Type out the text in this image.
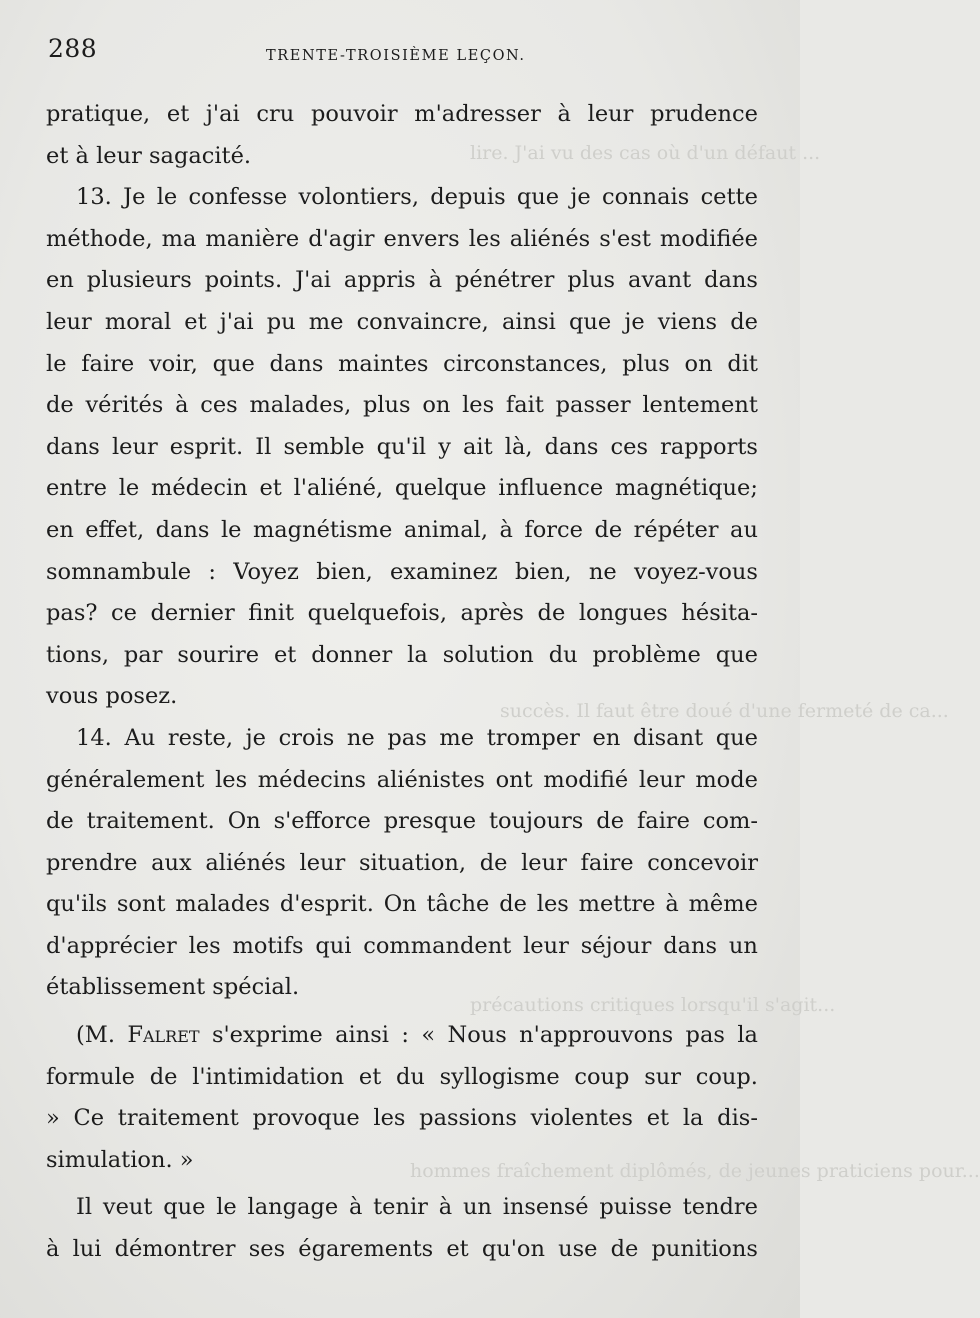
lire. J'ai vu des cas où d'un défaut ...
succès. Il faut être doué d'une fermeté de ca...
précautions critiques lorsqu'il s'agit...
hommes fraîchement diplômés, de jeunes praticiens pour...
288	TRENTE-TROISIÈME LEÇON.
pratique, et j'ai cru pouvoir m'adresser à leur prudence
et à leur sagacité.
13. Je le confesse volontiers, depuis que je connais cette
méthode, ma manière d'agir envers les aliénés s'est modifiée
en plusieurs points. J'ai appris à pénétrer plus avant dans
leur moral et j'ai pu me convaincre, ainsi que je viens de
le faire voir, que dans maintes circonstances, plus on dit
de vérités à ces malades, plus on les fait passer lentement
dans leur esprit. Il semble qu'il y ait là, dans ces rapports
entre le médecin et l'aliéné, quelque influence magnétique;
en effet, dans le magnétisme animal, à force de répéter au
somnambule : Voyez bien, examinez bien, ne voyez-vous
pas? ce dernier finit quelquefois, après de longues hésita-
tions, par sourire et donner la solution du problème que
vous posez.
14. Au reste, je crois ne pas me tromper en disant que
généralement les médecins aliénistes ont modifié leur mode
de traitement. On s'efforce presque toujours de faire com-
prendre aux aliénés leur situation, de leur faire concevoir
qu'ils sont malades d'esprit. On tâche de les mettre à même
d'apprécier les motifs qui commandent leur séjour dans un
établissement spécial.
(M. Falret s'exprime ainsi : « Nous n'approuvons pas la
formule de l'intimidation et du syllogisme coup sur coup.
» Ce traitement provoque les passions violentes et la dis-
simulation. »
Il veut que le langage à tenir à un insensé puisse tendre
à lui démontrer ses égarements et qu'on use de punitions
